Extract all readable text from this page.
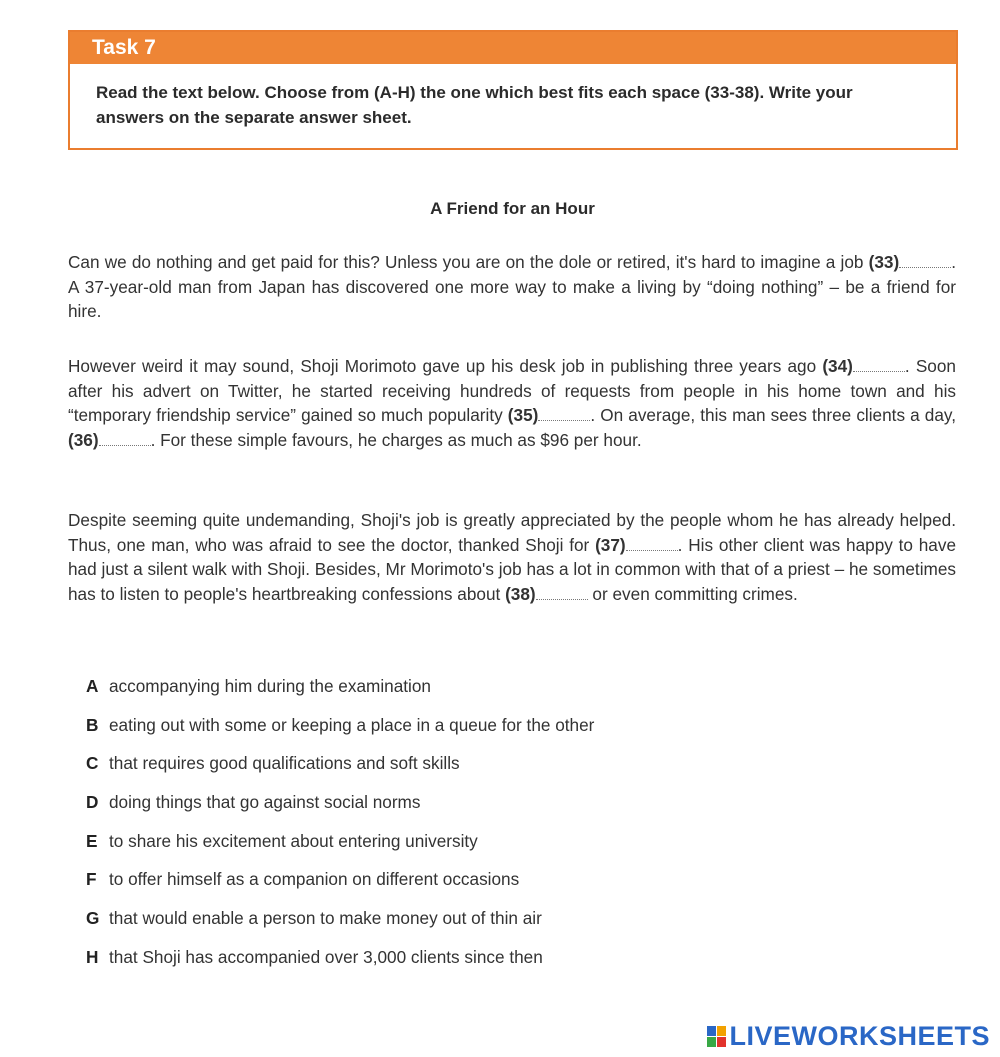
Task 7
Read the text below. Choose from (A-H) the one which best fits each space (33-38). Write your
answers on the separate answer sheet.
A Friend for an Hour
Can we do nothing and get paid for this? Unless you are on the dole or retired, it's hard to imagine a job (33)	. A 37-year-old man from Japan has discovered one more way to make a living by “doing nothing” – be a friend for hire.
However weird it may sound, Shoji Morimoto gave up his desk job in publishing three years ago (34)	. Soon after his advert on Twitter, he started receiving hundreds of requests from people in his home town and his “temporary friendship service” gained so much popularity (35)	. On average, this man sees three clients a day, (36)	. For these simple favours, he charges as much as $96 per hour.
Despite seeming quite undemanding, Shoji's job is greatly appreciated by the people whom he has already helped. Thus, one man, who was afraid to see the doctor, thanked Shoji for (37)	. His other client was happy to have had just a silent walk with Shoji. Besides, Mr Morimoto's job has a lot in common with that of a priest – he sometimes has to listen to people's heartbreaking confessions about (38)	or even committing crimes.
A accompanying him during the examination
B eating out with some or keeping a place in a queue for the other
C that requires good qualifications and soft skills
D doing things that go against social norms
E to share his excitement about entering university
F to offer himself as a companion on different occasions
G that would enable a person to make money out of thin air
H that Shoji has accompanied over 3,000 clients since then
LIVEWORKSHEETS
